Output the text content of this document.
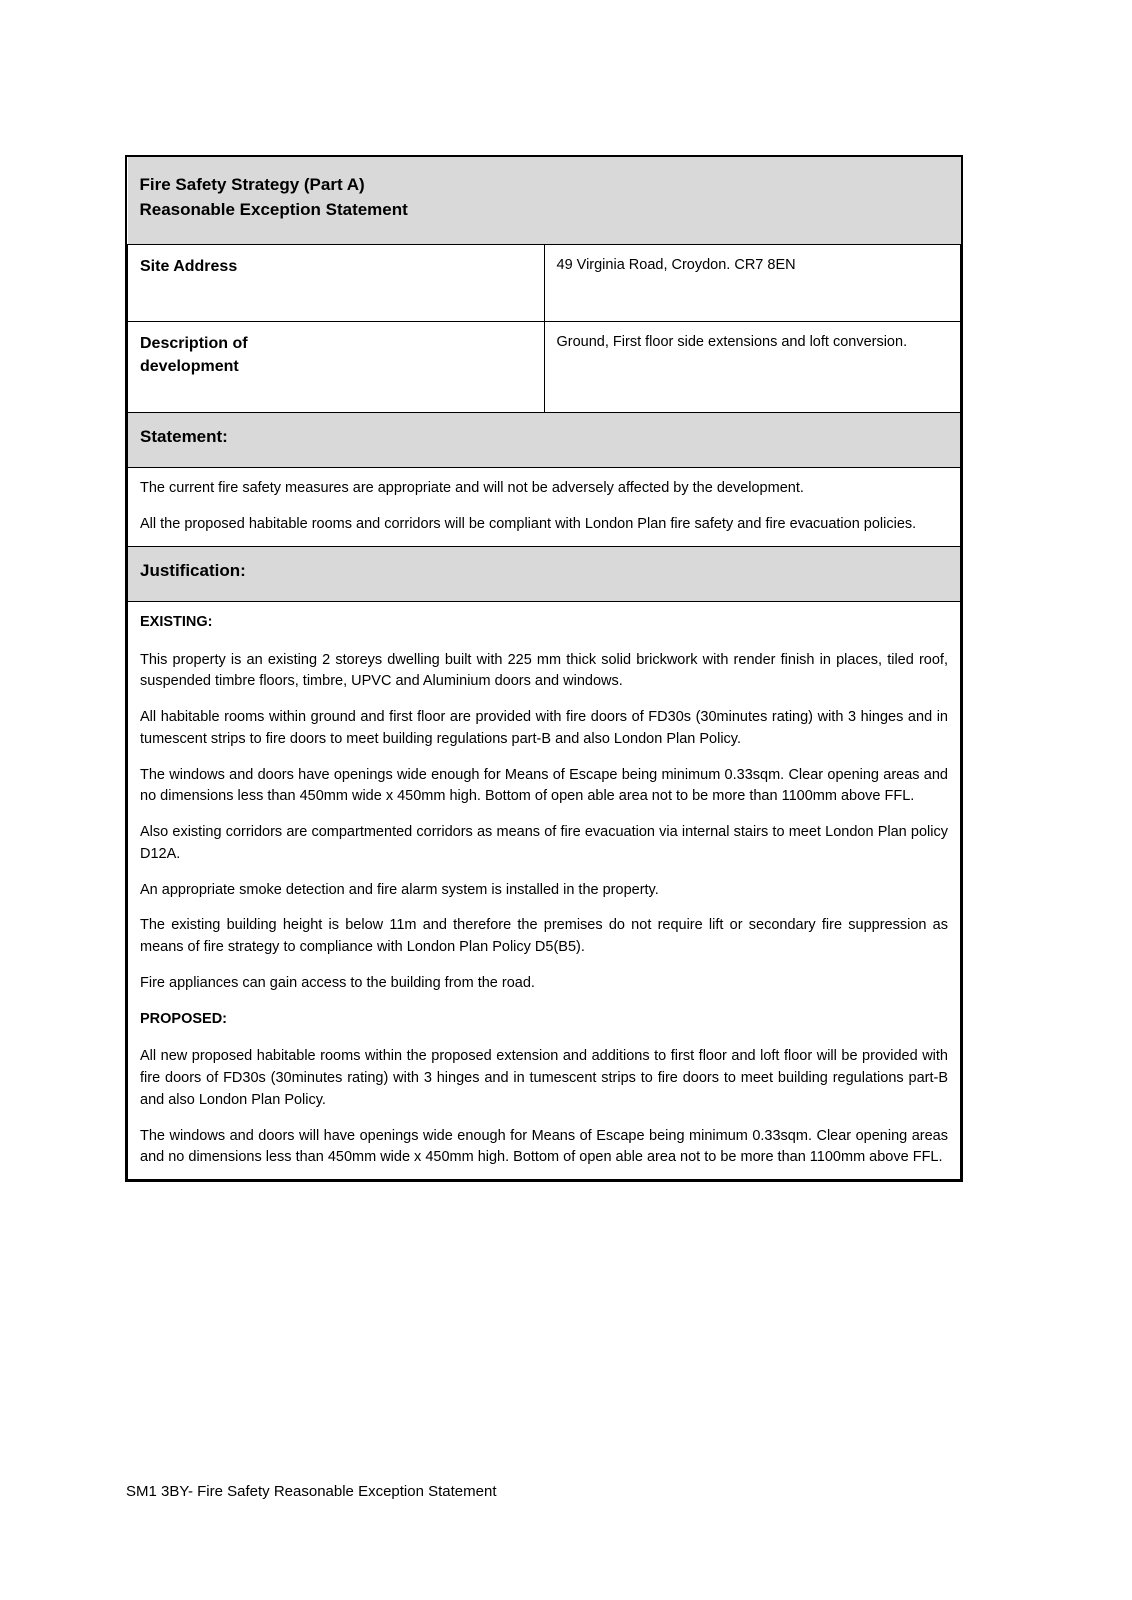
Fire Safety Strategy (Part A)
Reasonable Exception Statement	

Site Address	49 Virginia Road, Croydon. CR7 8EN

Description of
development	Ground, First floor side extensions and loft conversion.
Statement:	

The current fire safety measures are appropriate and will not be adversely affected by the development.

All the proposed habitable rooms and corridors will be compliant with London Plan fire safety and fire evacuation policies.	

Justification:	

EXISTING:

This property is an existing 2 storeys dwelling built with 225 mm thick solid brickwork with render finish in places, tiled roof, suspended timbre floors, timbre, UPVC and Aluminium doors and windows.

All habitable rooms within ground and first floor are provided with fire doors of FD30s (30minutes rating) with 3 hinges and in tumescent strips to fire doors to meet building regulations part-B and also London Plan Policy.

The windows and doors have openings wide enough for Means of Escape being minimum 0.33sqm. Clear opening areas and no dimensions less than 450mm wide x 450mm high. Bottom of open able area not to be more than 1100mm above FFL.

Also existing corridors are compartmented corridors as means of fire evacuation via internal stairs to meet London Plan policy D12A.

An appropriate smoke detection and fire alarm system is installed in the property.

The existing building height is below 11m and therefore the premises do not require lift or secondary fire suppression as means of fire strategy to compliance with London Plan Policy D5(B5).

Fire appliances can gain access to the building from the road.

PROPOSED:

All new proposed habitable rooms within the proposed extension and additions to first floor and loft floor will be provided with fire doors of FD30s (30minutes rating) with 3 hinges and in tumescent strips to fire doors to meet building regulations part-B and also London Plan Policy.

The windows and doors will have openings wide enough for Means of Escape being minimum 0.33sqm. Clear opening areas and no dimensions less than 450mm wide x 450mm high. Bottom of open able area not to be more than 1100mm above FFL.

SM1 3BY- Fire Safety Reasonable Exception Statement
